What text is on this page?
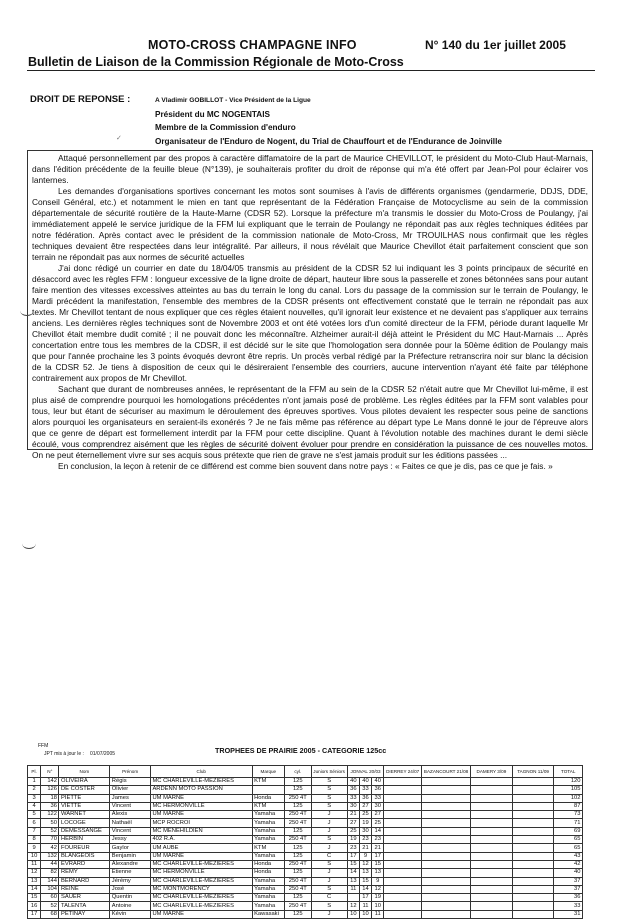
MOTO-CROSS CHAMPAGNE INFO	N° 140 du 1er juillet 2005
Bulletin de Liaison de la Commission Régionale de Moto-Cross
DROIT DE REPONSE :	A Vladimir GOBILLOT - Vice Président de la Ligue
Président du MC NOGENTAIS
Membre de la Commission d'enduro
Organisateur de l'Enduro de Nogent, du Trial de Chauffourt et de l'Endurance de Joinville
✓

Attaqué personnellement par des propos à caractère diffamatoire de la part de Maurice CHEVILLOT, le président du Moto-Club Haut-Marnais, dans l'édition précédente de la feuille bleue (N°139), je souhaiterais profiter du droit de réponse qui m'a été offert par Jean-Pol pour éclairer vos lanternes.

Les demandes d'organisations sportives concernant les motos sont soumises à l'avis de différents organismes (gendarmerie, DDJS, DDE, Conseil Général, etc.) et notamment le mien en tant que représentant de la Fédération Française de Motocyclisme au sein de la commission départementale de sécurité routière de la Haute-Marne (CDSR 52). Lorsque la préfecture m'a transmis le dossier du Moto-Cross de Poulangy, j'ai immédiatement appelé le service juridique de la FFM lui expliquant que le terrain de Poulangy ne répondait pas aux règles techniques éditées par notre fédération. Après contact avec le président de la commission nationale de Moto-Cross, Mr TROUILHAS nous confirmait que les règles techniques devaient être respectées dans leur intégralité. Par ailleurs, il nous révélait que Maurice Chevillot était parfaitement conscient que son terrain ne répondait pas aux normes de sécurité actuelles

J'ai donc rédigé un courrier en date du 18/04/05 transmis au président de la CDSR 52 lui indiquant les 3 points principaux de sécurité en désaccord avec les règles FFM : longueur excessive de la ligne droite de départ, hauteur libre sous la passerelle et zones bétonnées sans pour autant faire mention des vitesses excessives atteintes au bas du terrain le long du canal. Lors du passage de la commission sur le terrain de Poulangy, le Mardi précédent la manifestation, l'ensemble des membres de la CDSR présents ont effectivement constaté que le terrain ne répondait pas aux textes. Mr Chevillot tentant de nous expliquer que ces règles étaient nouvelles, qu'il ignorait leur existence et ne devaient pas s'appliquer aux terrains anciens. Les dernières règles techniques sont de Novembre 2003 et ont été votées lors d'un comité directeur de la FFM, période durant laquelle Mr Chevillot était membre dudit comité ; il ne pouvait donc les méconnaître. Alzheimer aurait-il déjà atteint le Président du MC Haut-Marnais ... Après concertation entre tous les membres de la CDSR, il est décidé sur le site que l'homologation sera donnée pour la 50ème édition de Poulangy mais que pour l'année prochaine les 3 points évoqués devront être repris. Un procès verbal rédigé par la Préfecture retranscrira noir sur blanc la décision de la CDSR 52. Je tiens à disposition de ceux qui le désireraient l'ensemble des courriers, aucune intervention n'ayant été faite par téléphone contrairement aux propos de Mr Chevillot.

Sachant que durant de nombreuses années, le représentant de la FFM au sein de la CDSR 52 n'était autre que Mr Chevillot lui-même, il est plus aisé de comprendre pourquoi les homologations précédentes n'ont jamais posé de problème. Les règles éditées par la FFM sont valables pour tous, leur but étant de sécuriser au maximum le déroulement des épreuves sportives. Vous pilotes devaient les respecter sous peine de sanctions alors pourquoi les organisateurs en seraient-ils exonérés ? Je ne fais même pas référence au départ type Le Mans donné le jour de l'épreuve alors que ce genre de départ est formellement interdit par la FFM pour cette discipline. Quant à l'évolution notable des machines durant le demi siècle écoulé, vous comprendrez aisément que les règles de sécurité doivent évoluer pour prendre en considération la puissance de ces nouvelles motos. On ne peut éternellement vivre sur ses acquis sous prétexte que rien de grave ne s'est jamais produit sur les éditions passées ...

En conclusion, la leçon à retenir de ce différend est comme bien souvent dans notre pays : « Faites ce que je dis, pas ce que je fais. »

FFM
JPT mis à jour le : 01/07/2005	TROPHEES DE PRAIRIE 2005 - CATEGORIE 125cc
Pl.	N°	Nom	Prénom	Club	Marque	cyl.	Juniors Séniors	JONVAL 20/03			DIERREY 24/07	BAZANCOURT 21/08	DAMERY 3/09	TAGNON 11/09	TOTAL
1	142	OLIVEIRA	Régis	MC CHARLEVILLE-MEZIERES	KTM	125	S	40	40	40					120
2	126	DE COSTER	Olivier	ARDENN MOTO PASSION		125	S	36	33	36					105
3	18	PIETTE	James	UM MARNE	Honda	250 4T	S	33	36	33					102
4	36	VIETTE	Vincent	MC HERMONVILLE	KTM	125	S	30	27	30					87
5	122	WARNET	Alexis	UM MARNE	Yamaha	250 4T	J	21	25	27					73
6	50	LOCOGE	Nathaël	MCP ROCROI	Yamaha	250 4T	J	27	19	25					71
7	52	DEMESSANGE	Vincent	MC MENEHILDIEN	Yamaha	125	J	25	30	14					69
8	70	HERBIN	Jessy	402 R.A.	Yamaha	250 4T	S	19	23	23					65
9	42	FOUREUR	Gaylor	UM AUBE	KTM	125	J	23	21	21					65
10	132	BLANGEOIS	Benjamin	UM MARNE	Yamaha	125	C	17	9	17					43
11	44	EVRARD	Alexandre	MC CHARLEVILLE-MEZIERES	Honda	250 4T	S	15	12	15					42
12	82	REMY	Etienne	MC HERMONVILLE	Honda	125	J	14	13	13					40
13	144	BERNARD	Jérémy	MC CHARLEVILLE-MEZIERES	Yamaha	250 4T	J	13	15	9					37
14	104	REINE	José	MC MONTMORENCY	Yamaha	250 4T	S	11	14	12					37
15	60	SAUER	Quentin	MC CHARLEVILLE-MEZIERES	Yamaha	125	C		17	19					36
16	52	TALENTA	Antoine	MC CHARLEVILLE-MEZIERES	Yamaha	250 4T	S	12	11	10					33
17	68	PETINAY	Kévin	UM MARNE	Kawasaki	125	J	10	10	11					31
